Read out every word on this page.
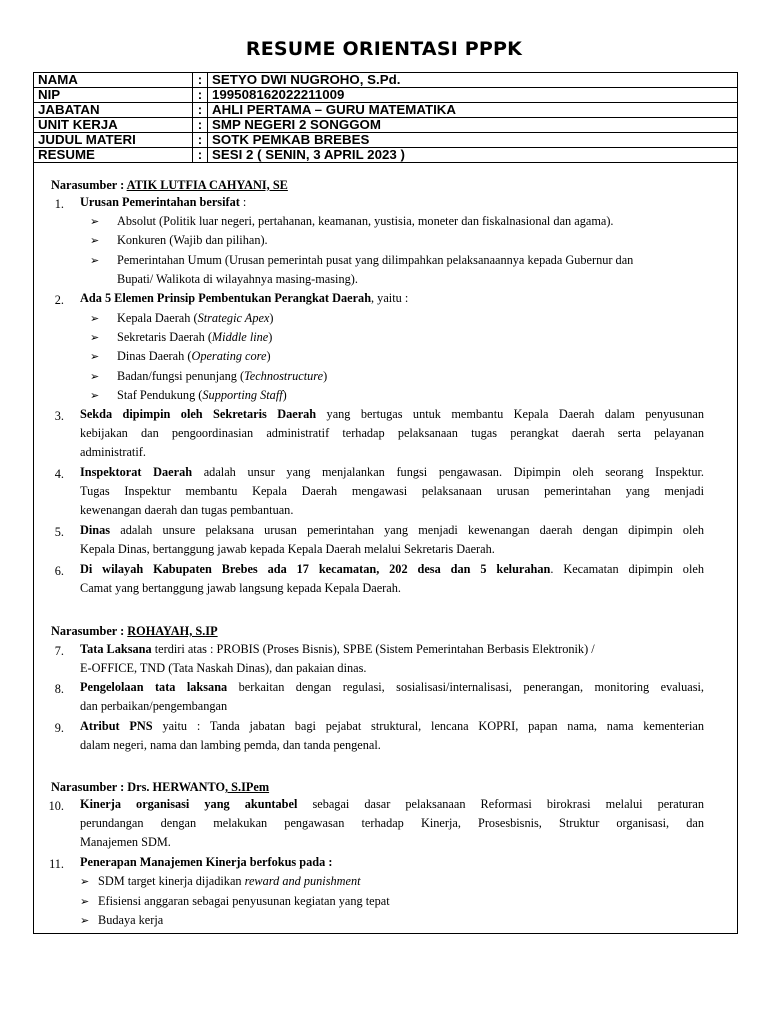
RESUME ORIENTASI PPPK
NAMA	:	SETYO DWI NUGROHO, S.Pd.
NIP	:	199508162022211009
JABATAN	:	AHLI PERTAMA – GURU MATEMATIKA
UNIT KERJA	:	SMP NEGERI 2 SONGGOM
JUDUL MATERI	:	SOTK PEMKAB BREBES
RESUME	:	SESI 2 ( SENIN, 3 APRIL 2023 )
Narasumber : ATIK LUTFIA CAHYANI, SE
1. Urusan Pemerintahan bersifat :
➢ Absolut (Politik luar negeri, pertahanan, keamanan, yustisia, moneter dan fiskalnasional dan agama).
➢ Konkuren (Wajib dan pilihan).
➢ Pemerintahan Umum (Urusan pemerintah pusat yang dilimpahkan pelaksanaannya kepada Gubernur dan
Bupati/ Walikota di wilayahnya masing-masing).
2. Ada 5 Elemen Prinsip Pembentukan Perangkat Daerah, yaitu :
➢ Kepala Daerah (Strategic Apex)
➢ Sekretaris Daerah (Middle line)
➢ Dinas Daerah (Operating core)
➢ Badan/fungsi penunjang (Technostructure)
➢ Staf Pendukung (Supporting Staff)
3. Sekda dipimpin oleh Sekretaris Daerah yang bertugas untuk membantu Kepala Daerah dalam penyusunan
kebijakan dan pengoordinasian administratif terhadap pelaksanaan tugas perangkat daerah serta pelayanan
administratif.
4. Inspektorat Daerah adalah unsur yang menjalankan fungsi pengawasan. Dipimpin oleh seorang Inspektur.
Tugas Inspektur membantu Kepala Daerah mengawasi pelaksanaan urusan pemerintahan yang menjadi
kewenangan daerah dan tugas pembantuan.
5. Dinas adalah unsure pelaksana urusan pemerintahan yang menjadi kewenangan daerah dengan dipimpin oleh
Kepala Dinas, bertanggung jawab kepada Kepala Daerah melalui Sekretaris Daerah.
6. Di wilayah Kabupaten Brebes ada 17 kecamatan, 202 desa dan 5 kelurahan. Kecamatan dipimpin oleh
Camat yang bertanggung jawab langsung kepada Kepala Daerah.
Narasumber : ROHAYAH, S.IP
7. Tata Laksana terdiri atas : PROBIS (Proses Bisnis), SPBE (Sistem Pemerintahan Berbasis Elektronik) /
E-OFFICE, TND (Tata Naskah Dinas), dan pakaian dinas.
8. Pengelolaan tata laksana berkaitan dengan regulasi, sosialisasi/internalisasi, penerangan, monitoring evaluasi,
dan perbaikan/pengembangan
9. Atribut PNS yaitu : Tanda jabatan bagi pejabat struktural, lencana KOPRI, papan nama, nama kementerian
dalam negeri, nama dan lambing pemda, dan tanda pengenal.
Narasumber : Drs. HERWANTO, S.IPem
10. Kinerja organisasi yang akuntabel sebagai dasar pelaksanaan Reformasi birokrasi melalui peraturan
perundangan dengan melakukan pengawasan terhadap Kinerja, Prosesbisnis, Struktur organisasi, dan
Manajemen SDM.
11. Penerapan Manajemen Kinerja berfokus pada :
➢ SDM target kinerja dijadikan reward and punishment
➢ Efisiensi anggaran sebagai penyusunan kegiatan yang tepat
➢ Budaya kerja
